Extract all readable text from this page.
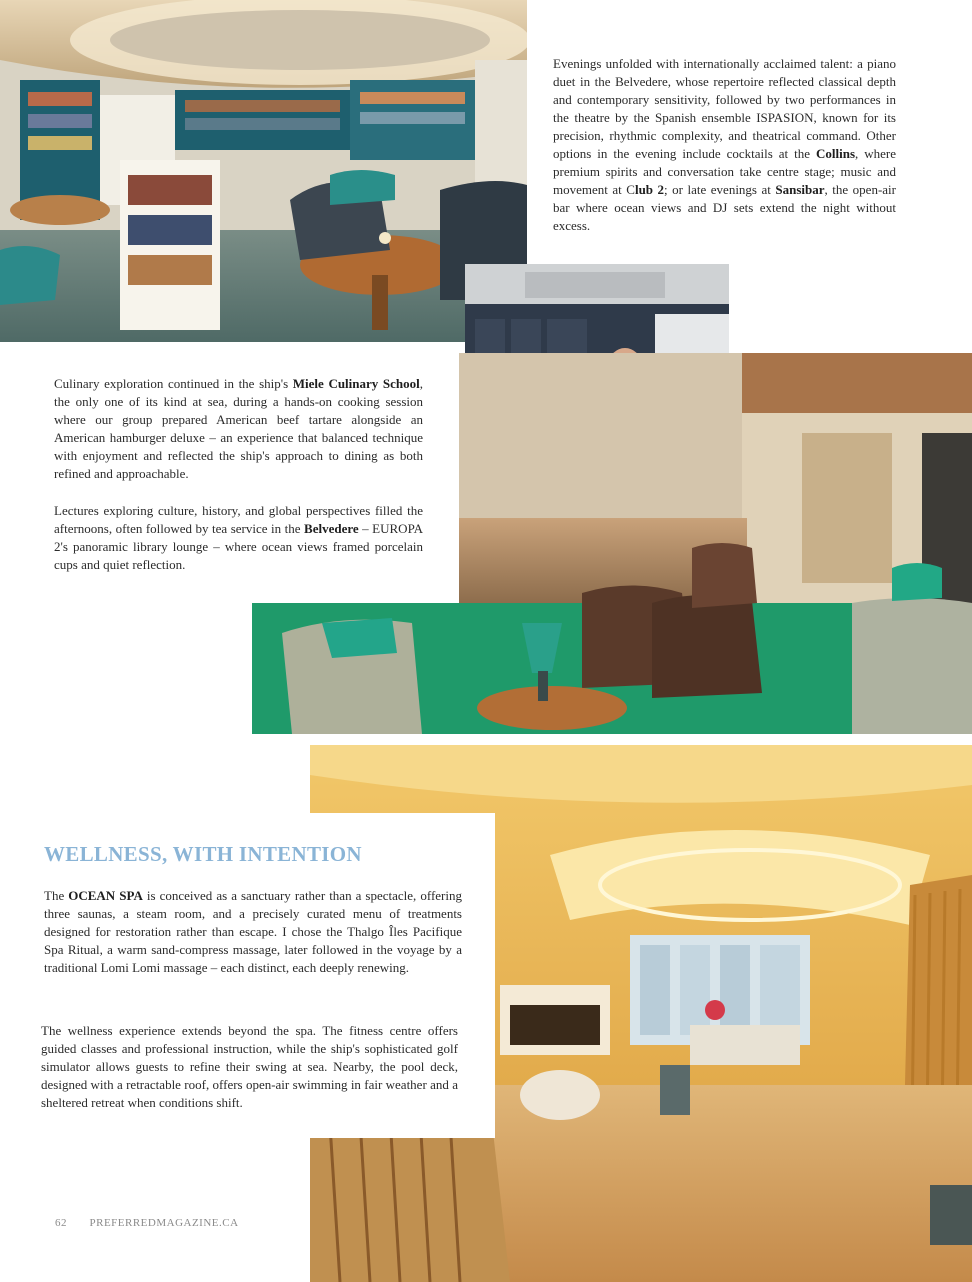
Evenings unfolded with internationally acclaimed talent: a piano duet in the Belvedere, whose repertoire reflected classical depth and contemporary sensitivity, followed by two performances in the theatre by the Spanish ensemble ISPASION, known for its precision, rhythmic complexity, and theatrical command. Other options in the evening include cocktails at the Collins, where premium spirits and conversation take centre stage; music and movement at Club 2; or late evenings at Sansibar, the open-air bar where ocean views and DJ sets extend the night without excess.

Culinary exploration continued in the ship's Miele Culinary School, the only one of its kind at sea, during a hands-on cooking session where our group prepared American beef tartare alongside an American hamburger deluxe – an experience that balanced technique with enjoyment and reflected the ship's approach to dining as both refined and approachable.

Lectures exploring culture, history, and global perspectives filled the afternoons, often followed by tea service in the Belvedere – EUROPA 2's panoramic library lounge – where ocean views framed porcelain cups and quiet reflection.

WELLNESS, WITH INTENTION

The OCEAN SPA is conceived as a sanctuary rather than a spectacle, offering three saunas, a steam room, and a precisely curated menu of treatments designed for restoration rather than escape. I chose the Thalgo Îles Pacifique Spa Ritual, a warm sand-compress massage, later followed in the voyage by a traditional Lomi Lomi massage – each distinct, each deeply renewing.

The wellness experience extends beyond the spa. The fitness centre offers guided classes and professional instruction, while the ship's sophisticated golf simulator allows guests to refine their swing at sea. Nearby, the pool deck, designed with a retractable roof, offers open-air swimming in fair weather and a sheltered retreat when conditions shift.

62 PREFERREDMAGAZINE.CA
